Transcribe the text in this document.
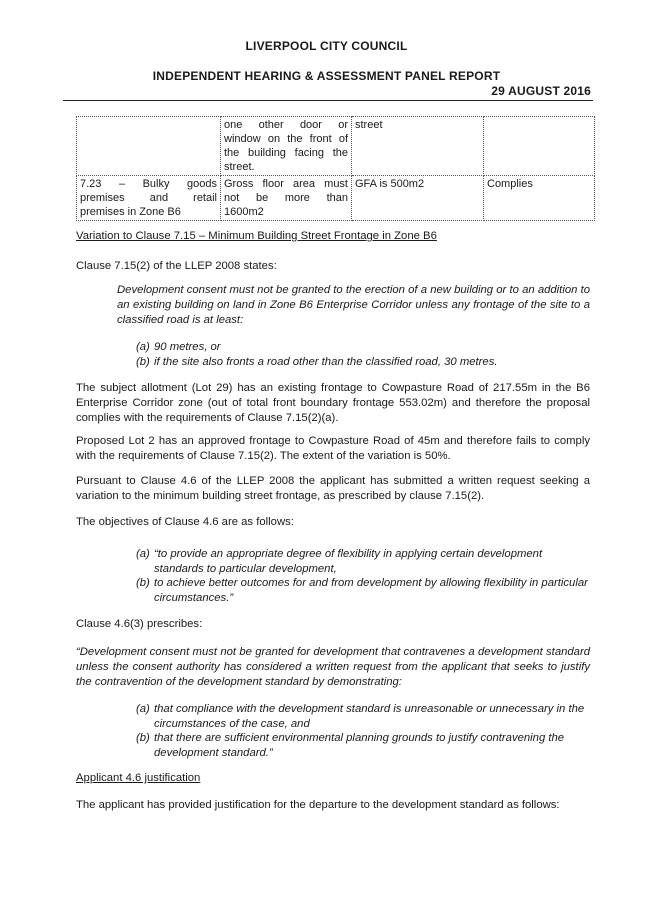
LIVERPOOL CITY COUNCIL
INDEPENDENT HEARING & ASSESSMENT PANEL REPORT
29 AUGUST 2016
	one other door or window on the front of the building facing the street.	street	
7.23 – Bulky goods premises and retail premises in Zone B6	Gross floor area must not be more than 1600m2	GFA is 500m2	Complies
Variation to Clause 7.15 – Minimum Building Street Frontage in Zone B6
Clause 7.15(2) of the LLEP 2008 states:
Development consent must not be granted to the erection of a new building or to an addition to an existing building on land in Zone B6 Enterprise Corridor unless any frontage of the site to a classified road is at least:
(a) 90 metres, or
(b) if the site also fronts a road other than the classified road, 30 metres.
The subject allotment (Lot 29) has an existing frontage to Cowpasture Road of 217.55m in the B6 Enterprise Corridor zone (out of total front boundary frontage 553.02m) and therefore the proposal complies with the requirements of Clause 7.15(2)(a).
Proposed Lot 2 has an approved frontage to Cowpasture Road of 45m and therefore fails to comply with the requirements of Clause 7.15(2). The extent of the variation is 50%.
Pursuant to Clause 4.6 of the LLEP 2008 the applicant has submitted a written request seeking a variation to the minimum building street frontage, as prescribed by clause 7.15(2).
The objectives of Clause 4.6 are as follows:
(a) “to provide an appropriate degree of flexibility in applying certain development standards to particular development,
(b) to achieve better outcomes for and from development by allowing flexibility in particular circumstances.”
Clause 4.6(3) prescribes:
“Development consent must not be granted for development that contravenes a development standard unless the consent authority has considered a written request from the applicant that seeks to justify the contravention of the development standard by demonstrating:
(a) that compliance with the development standard is unreasonable or unnecessary in the circumstances of the case, and
(b) that there are sufficient environmental planning grounds to justify contravening the development standard.”
Applicant 4.6 justification
The applicant has provided justification for the departure to the development standard as follows:
